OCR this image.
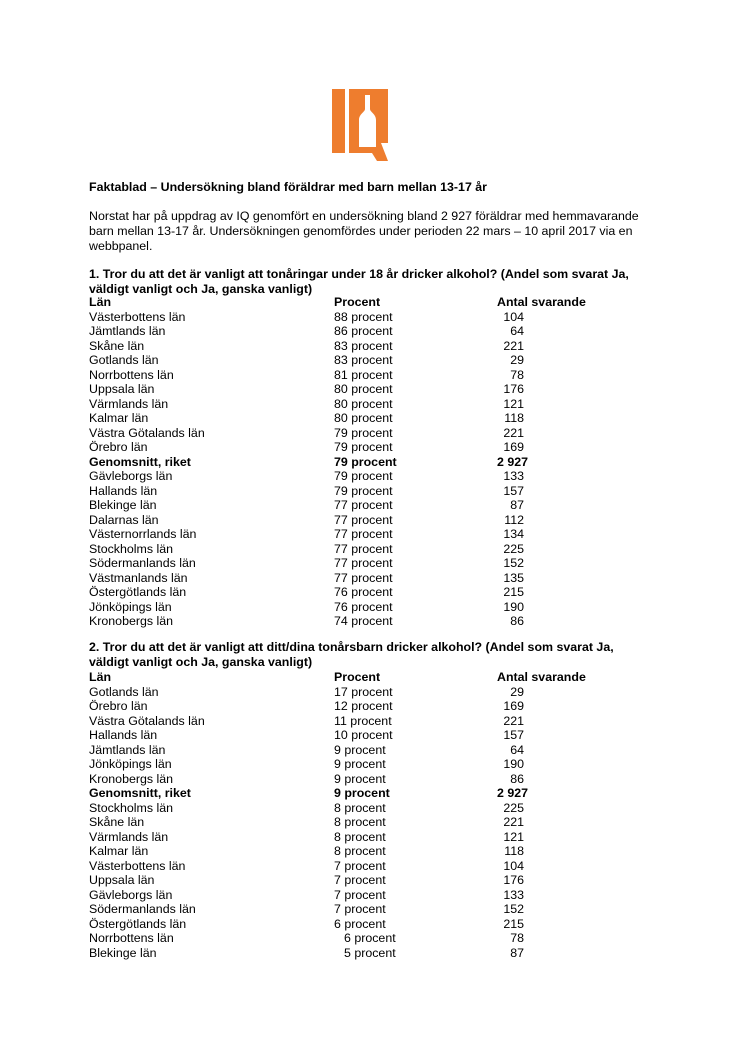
Faktablad – Undersökning bland föräldrar med barn mellan 13-17 år

Norstat har på uppdrag av IQ genomfört en undersökning bland 2 927 föräldrar med hemmavarande

barn mellan 13-17 år. Undersökningen genomfördes under perioden 22 mars – 10 april 2017 via en

webbpanel.

1. Tror du att det är vanligt att tonåringar under 18 år dricker alkohol? (Andel som svarat Ja,
väldigt vanligt och Ja, ganska vanligt)
Län	Procent	Antal svarande
Västerbottens län	88 procent	104
Jämtlands län	86 procent	64
Skåne län	83 procent	221
Gotlands län	83 procent	29
Norrbottens län	81 procent	78
Uppsala län	80 procent	176
Värmlands län	80 procent	121
Kalmar län	80 procent	118
Västra Götalands län	79 procent	221
Örebro län	79 procent	169
Genomsnitt, riket	79 procent	2 927
Gävleborgs län	79 procent	133
Hallands län	79 procent	157
Blekinge län	77 procent	87
Dalarnas län	77 procent	112
Västernorrlands län	77 procent	134
Stockholms län	77 procent	225
Södermanlands län	77 procent	152
Västmanlands län	77 procent	135
Östergötlands län	76 procent	215
Jönköpings län	76 procent	190
Kronobergs län	74 procent	86
2. Tror du att det är vanligt att ditt/dina tonårsbarn dricker alkohol? (Andel som svarat Ja,
väldigt vanligt och Ja, ganska vanligt)
Län	Procent	Antal svarande
Gotlands län	17 procent	29
Örebro län	12 procent	169
Västra Götalands län	11 procent	221
Hallands län	10 procent	157
Jämtlands län	9 procent	64
Jönköpings län	9 procent	190
Kronobergs län	9 procent	86
Genomsnitt, riket	9 procent	2 927
Stockholms län	8 procent	225
Skåne län	8 procent	221
Värmlands län	8 procent	121
Kalmar län	8 procent	118
Västerbottens län	7 procent	104
Uppsala län	7 procent	176
Gävleborgs län	7 procent	133
Södermanlands län	7 procent	152
Östergötlands län	6 procent	215
Norrbottens län	6 procent	78
Blekinge län	5 procent	87
